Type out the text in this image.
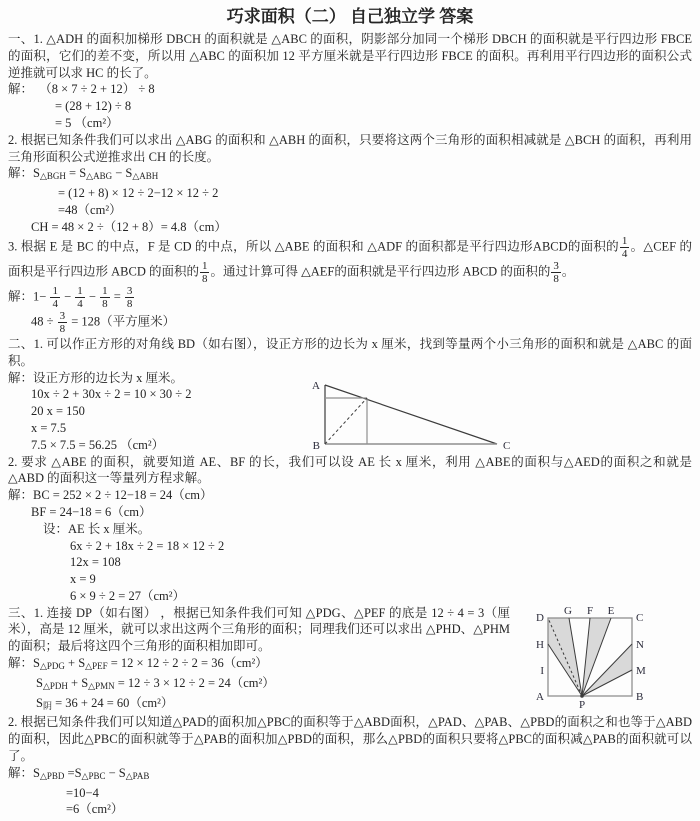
巧求面积（二） 自己独立学 答案
一、1. △ADH 的面积加梯形 DBCH 的面积就是 △ABC 的面积，阴影部分加同一个梯形 DBCH 的面积就是平行四边形 FBCE 的面积，它们的差不变，所以用 △ABC 的面积加 12 平方厘米就是平行四边形 FBCE 的面积。再利用平行四边形的面积公式逆推就可以求 HC 的长了。
解：  （8 × 7 ÷ 2 + 12） ÷ 8
= (28 + 12) ÷ 8
= 5 （cm²）
2. 根据已知条件我们可以求出 △ABG 的面积和 △ABH 的面积，只要将这两个三角形的面积相减就是 △BCH 的面积，再利用三角形面积公式逆推求出 CH 的长度。
解：S△BGH = S△ABG − S△ABH
= (12 + 8) × 12 ÷ 2−12 × 12 ÷ 2
=48（cm²）
CH = 48 × 2 ÷（12 + 8）= 4.8（cm）
3. 根据 E 是 BC 的中点，F 是 CD 的中点，所以 △ABE 的面积和 △ADF 的面积都是平行四边形ABCD的面积的 $\frac{1}{4}$ 。△CEF 的面积是平行四边形 ABCD 的面积的 $\frac{1}{8}$ 。通过计算可得 △AEF的面积就是平行四边形 ABCD 的面积的 $\frac{3}{8}$ 。
解：$1- \frac{1}{4} - \frac{1}{4} - \frac{1}{8} = \frac{3}{8}$
$48 \div \frac{3}{8} = 128$（平方厘米）
二、1. 可以作正方形的对角线 BD（如右图），设正方形的边长为 x 厘米，找到等量两个小三角形的面积和就是 △ABC 的面积。
解：设正方形的边长为 x 厘米。
10x ÷ 2 + 30x ÷ 2 = 10 × 30 ÷ 2
20 x = 150
x = 7.5
7.5 × 7.5 = 56.25 （cm²）
2. 要求 △ABE 的面积，就要知道 AE、BF 的长，我们可以设 AE 长 x 厘米，利用 △ABE的面积与△AED的面积之和就是 △ABD 的面积这一等量列方程求解。
解：BC = 252 × 2 ÷ 12−18 = 24（cm）
BF = 24−18 = 6（cm）
设：AE 长 x 厘米。
6x ÷ 2 + 18x ÷ 2 = 18 × 12 ÷ 2
12x = 108
x = 9
6 × 9 ÷ 2 = 27（cm²）
三、1. 连接 DP（如右图） ，根据已知条件我们可知 △PDG、△PEF 的底是 12 ÷ 4 = 3（厘米），高是 12 厘米，就可以求出这两个三角形的面积；同理我们还可以求出 △PHD、△PHM 的面积；最后将这四个三角形的面积相加即可。
解：S△PDG + S△PEF = 12 × 12 ÷ 2 ÷ 2 = 36（cm²）
S△PDH + S△PMN = 12 ÷ 3 × 12 ÷ 2 = 24（cm²）
S阴 = 36 + 24 = 60（cm²）
2. 根据已知条件我们可以知道△PAD的面积加△PBC的面积等于△ABD面积，△PAD、△PAB、△PBD的面积之和也等于△ABD的面积，因此△PBC的面积就等于△PAB的面积加△PBD的面积，那么△PBD的面积只要将△PBC的面积减△PAB的面积就可以了。
解：S△PBD =S△PBC − S△PAB
=10−4
=6（cm²）
A
B	C
D
G F E
C
H
I
A
N
M
B
P
